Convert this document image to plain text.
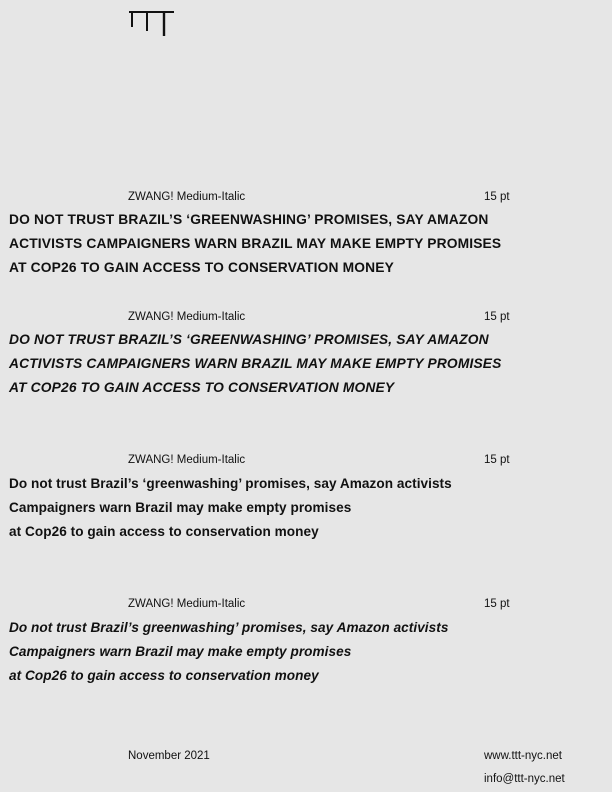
ZWANG! Medium-Italic	15 pt
DO NOT TRUST BRAZIL’S ‘GREENWASHING’ PROMISES, SAY AMAZON
ACTIVISTS CAMPAIGNERS WARN BRAZIL MAY MAKE EMPTY PROMISES
AT COP26 TO GAIN ACCESS TO CONSERVATION MONEY
ZWANG! Medium-Italic	15 pt
DO NOT TRUST BRAZIL’S ‘GREENWASHING’ PROMISES, SAY AMAZON
ACTIVISTS CAMPAIGNERS WARN BRAZIL MAY MAKE EMPTY PROMISES
AT COP26 TO GAIN ACCESS TO CONSERVATION MONEY
ZWANG! Medium-Italic	15 pt
Do not trust Brazil’s ‘greenwashing’ promises, say Amazon activists
Campaigners warn Brazil may make empty promises
at Cop26 to gain access to conservation money
ZWANG! Medium-Italic	15 pt
Do not trust Brazil’s greenwashing’ promises, say Amazon activists
Campaigners warn Brazil may make empty promises
at Cop26 to gain access to conservation money
November 2021	www.ttt-nyc.net
info@ttt-nyc.net
